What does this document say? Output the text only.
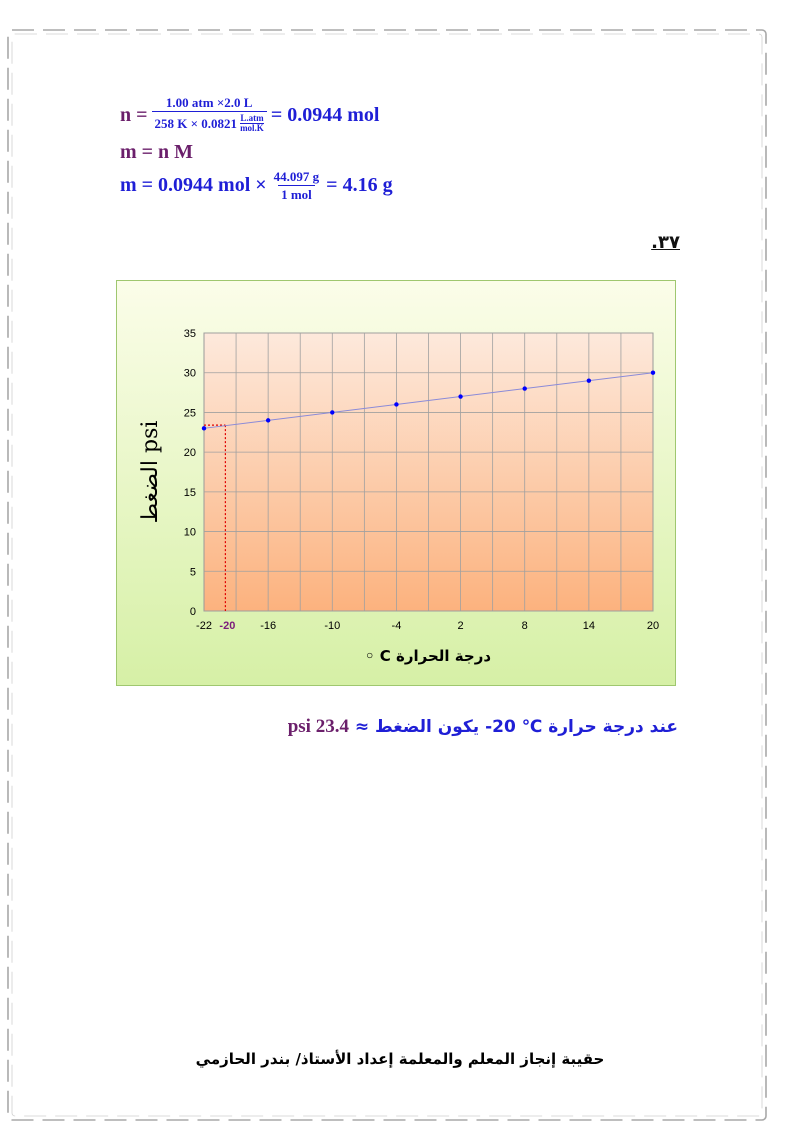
$n = \frac{\text{1.00 atm ×2.0 L}}{258 K \times 0.0821 \frac{\text{L.atm}}{\text{mol.K}}} = 0.0944$ mol
m = n M
m = 0.0944 mol × $\frac{44.097 g}{\text{1 mol}} = 4.16$ g
.٣٧
-22	-16	-10	-4	2	8	14	20
0
5
10
15
20
25
30
35
-20
درجة الحرارة C ◦
psi الضغط
عند درجة حرارة ℃ 20- يكون الضغط ≈ 23.4 psi
حقيبة إنجاز المعلم والمعلمة إعداد الأستاذ/ بندر الحازمي
